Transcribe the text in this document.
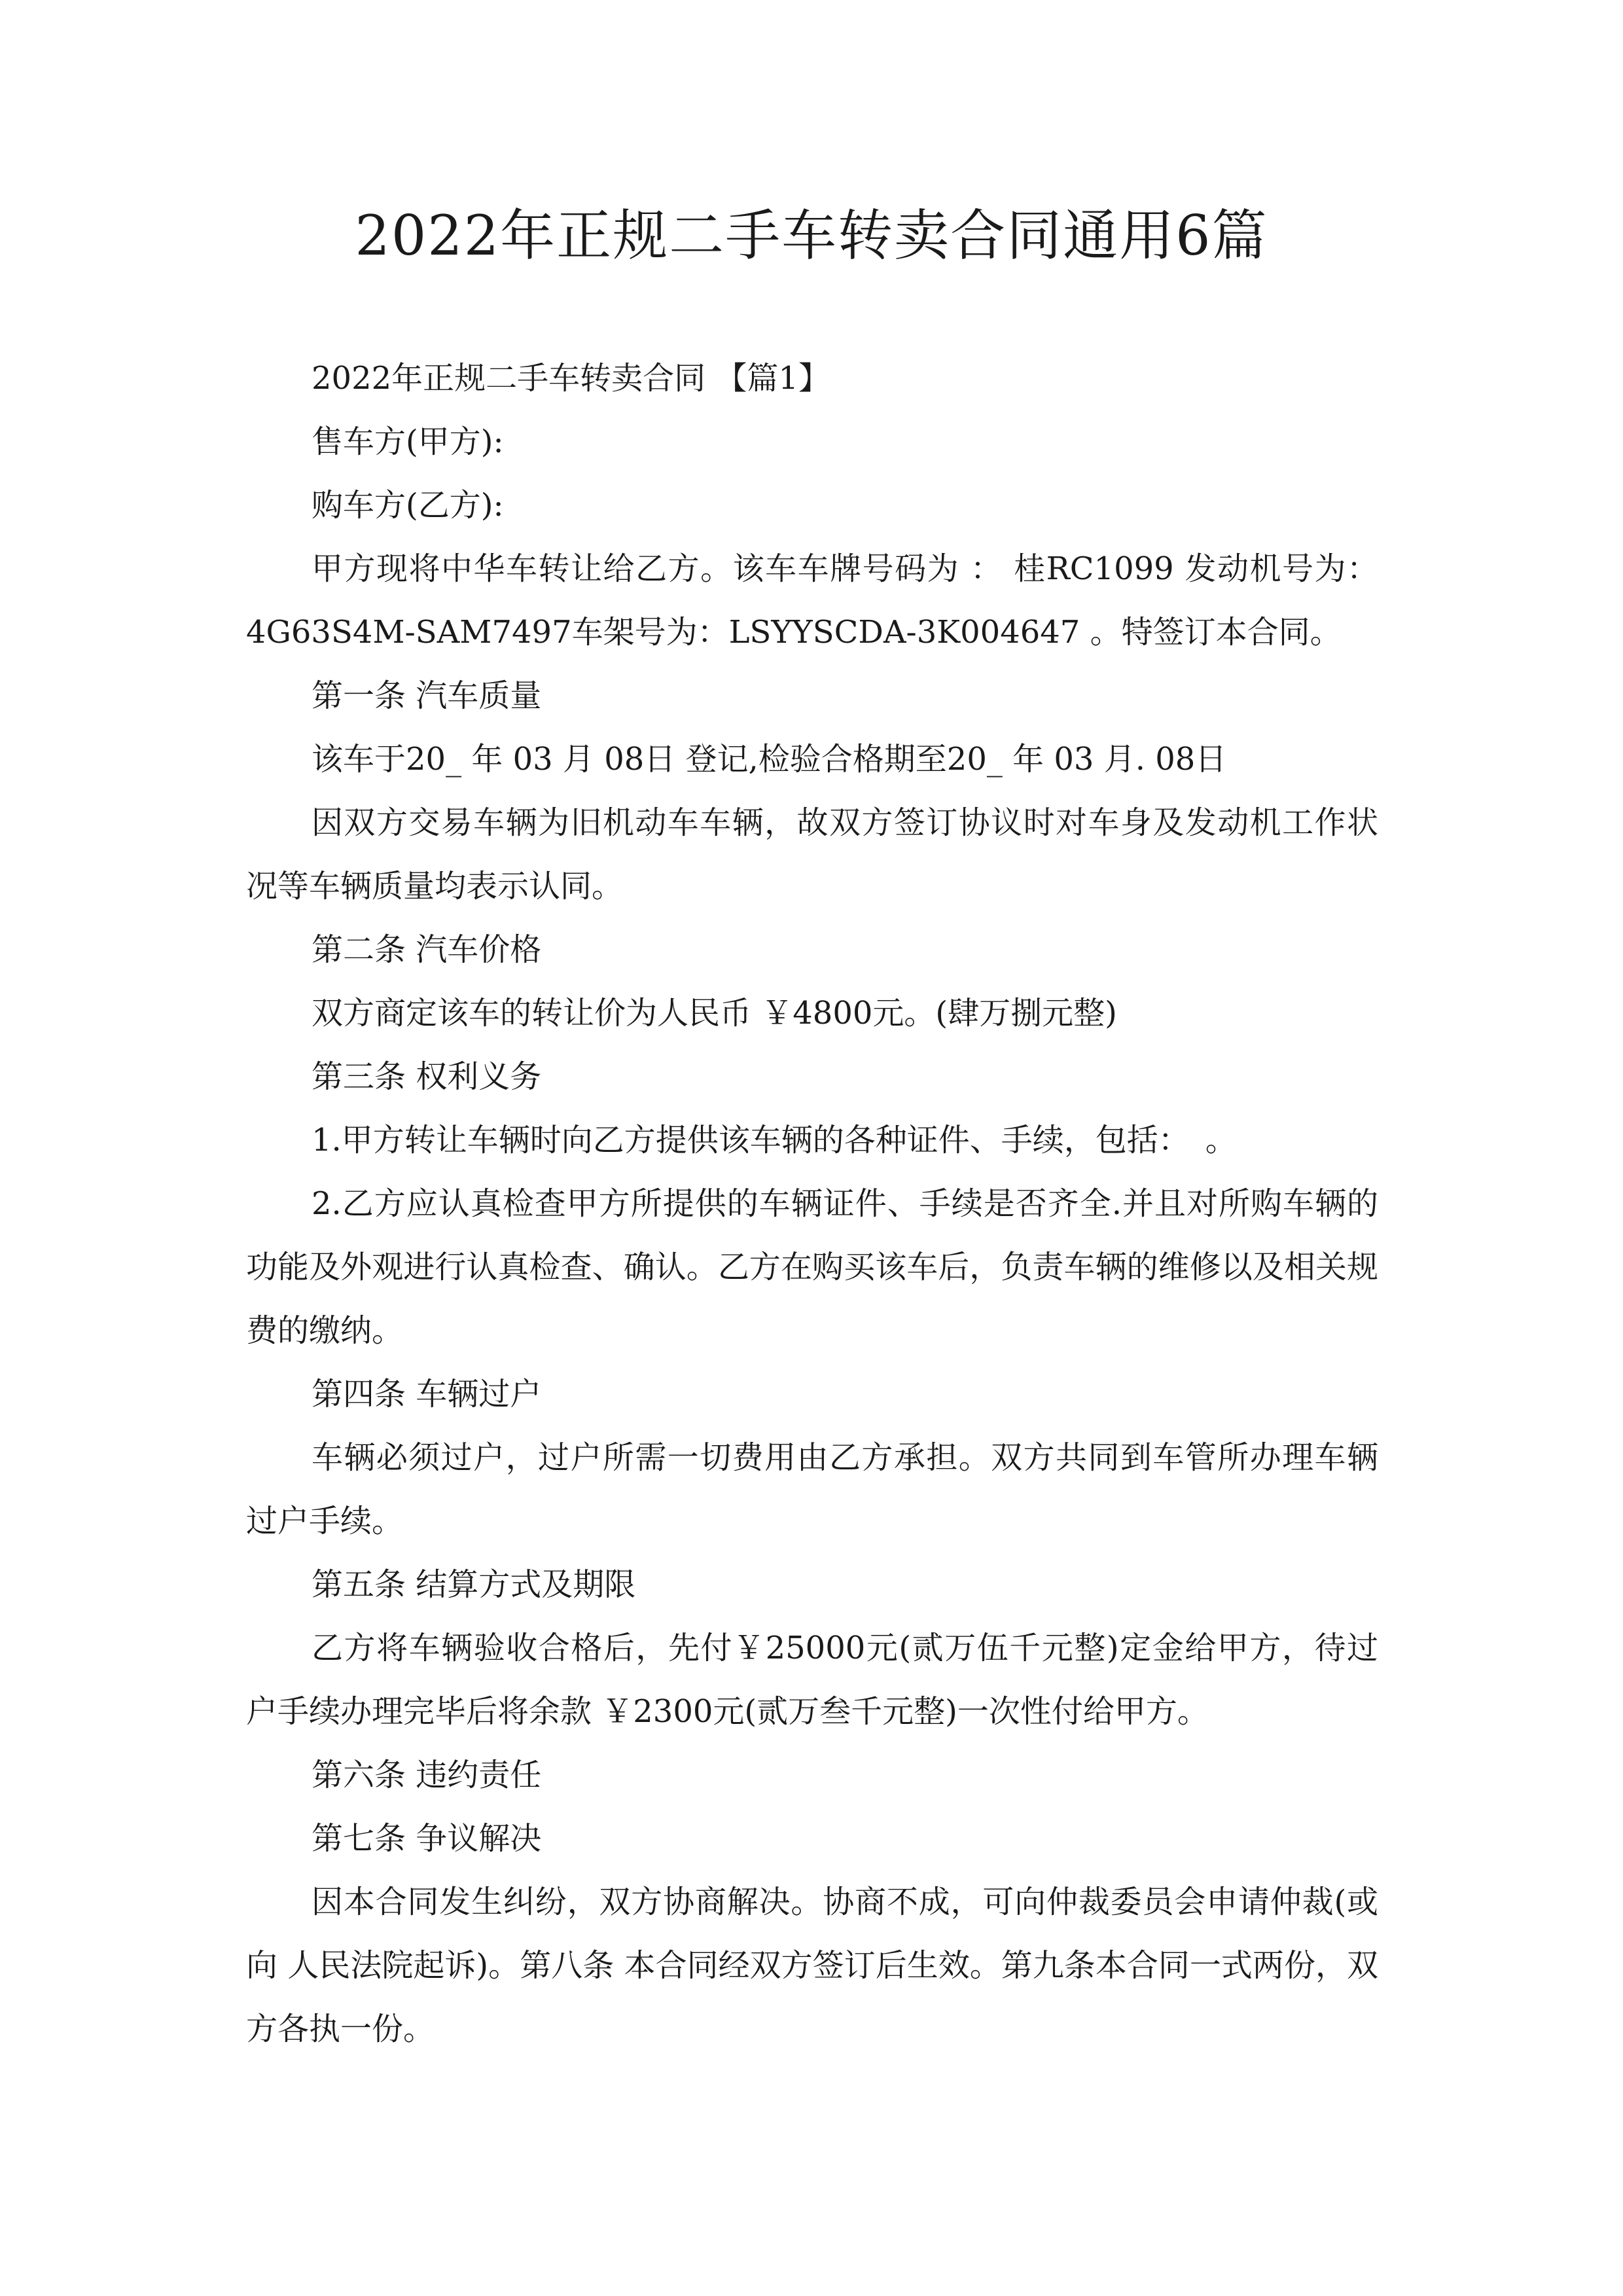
2022年正规二手车转卖合同通用6篇

2022年正规二手车转卖合同 【篇1】

售车方(甲方):

购车方(乙方):

甲方现将中华车转让给乙方。该车车牌号码为 ： 桂RC1099 发动机号为：4G63S4M-SAM7497车架号为：LSYYSCDA-3K004647 。特签订本合同。

第一条 汽车质量

该车于20_ 年 03 月 08日 登记,检验合格期至20_ 年 03 月. 08日

因双方交易车辆为旧机动车车辆，故双方签订协议时对车身及发动机工作状况等车辆质量均表示认同。

第二条 汽车价格

双方商定该车的转让价为人民币 ￥4800元。(肆万捌元整)

第三条 权利义务

1.甲方转让车辆时向乙方提供该车辆的各种证件、手续，包括：　。

2.乙方应认真检查甲方所提供的车辆证件、手续是否齐全.并且对所购车辆的功能及外观进行认真检查、确认。乙方在购买该车后，负责车辆的维修以及相关规费的缴纳。

第四条 车辆过户

车辆必须过户，过户所需一切费用由乙方承担。双方共同到车管所办理车辆过户手续。

第五条 结算方式及期限

乙方将车辆验收合格后，先付￥25000元(贰万伍千元整)定金给甲方，待过户手续办理完毕后将余款 ￥2300元(贰万叁千元整)一次性付给甲方。

第六条 违约责任

第七条 争议解决

因本合同发生纠纷，双方协商解决。协商不成，可向仲裁委员会申请仲裁(或向 人民法院起诉)。第八条 本合同经双方签订后生效。第九条本合同一式两份，双方各执一份。
